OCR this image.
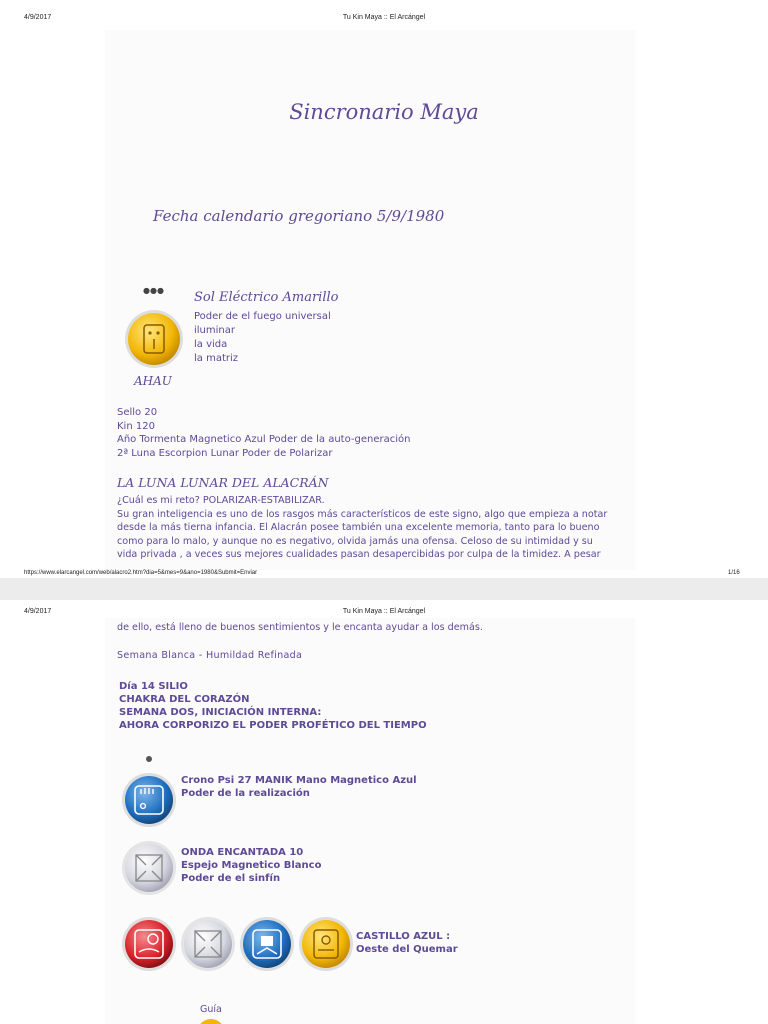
4/9/2017	Tu Kin Maya :: El Arcángel
Sincronario Maya
Fecha calendario gregoriano 5/9/1980
●●● Sol Eléctrico Amarillo
Poder de el fuego universal
iluminar
la vida
la matriz
AHAU
Sello 20
Kin 120
Año Tormenta Magnetico Azul Poder de la auto-generación
2ª Luna Escorpion Lunar Poder de Polarizar
LA LUNA LUNAR DEL ALACRÁN
¿Cuál es mi reto? POLARIZAR-ESTABILIZAR.
Su gran inteligencia es uno de los rasgos más característicos de este signo, algo que empieza a notar
desde la más tierna infancia. El Alacrán posee también una excelente memoria, tanto para lo bueno
como para lo malo, y aunque no es negativo, olvida jamás una ofensa. Celoso de su intimidad y su
vida privada , a veces sus mejores cualidades pasan desapercibidas por culpa de la timidez. A pesar
https://www.elarcangel.com/web/alacro2.htm?dia=5&mes=9&ano=1980&Submit=Enviar	1/16
4/9/2017	Tu Kin Maya :: El Arcángel
de ello, está lleno de buenos sentimientos y le encanta ayudar a los demás.
Semana Blanca - Humildad Refinada
Día 14 SILIO
CHAKRA DEL CORAZÓN
SEMANA DOS, INICIACIÓN INTERNA:
AHORA CORPORIZO EL PODER PROFÉTICO DEL TIEMPO
Crono Psi 27 MANIK Mano Magnetico Azul
Poder de la realización
ONDA ENCANTADA 10
Espejo Magnetico Blanco
Poder de el sinfín
CASTILLO AZUL :
Oeste del Quemar
Guía
